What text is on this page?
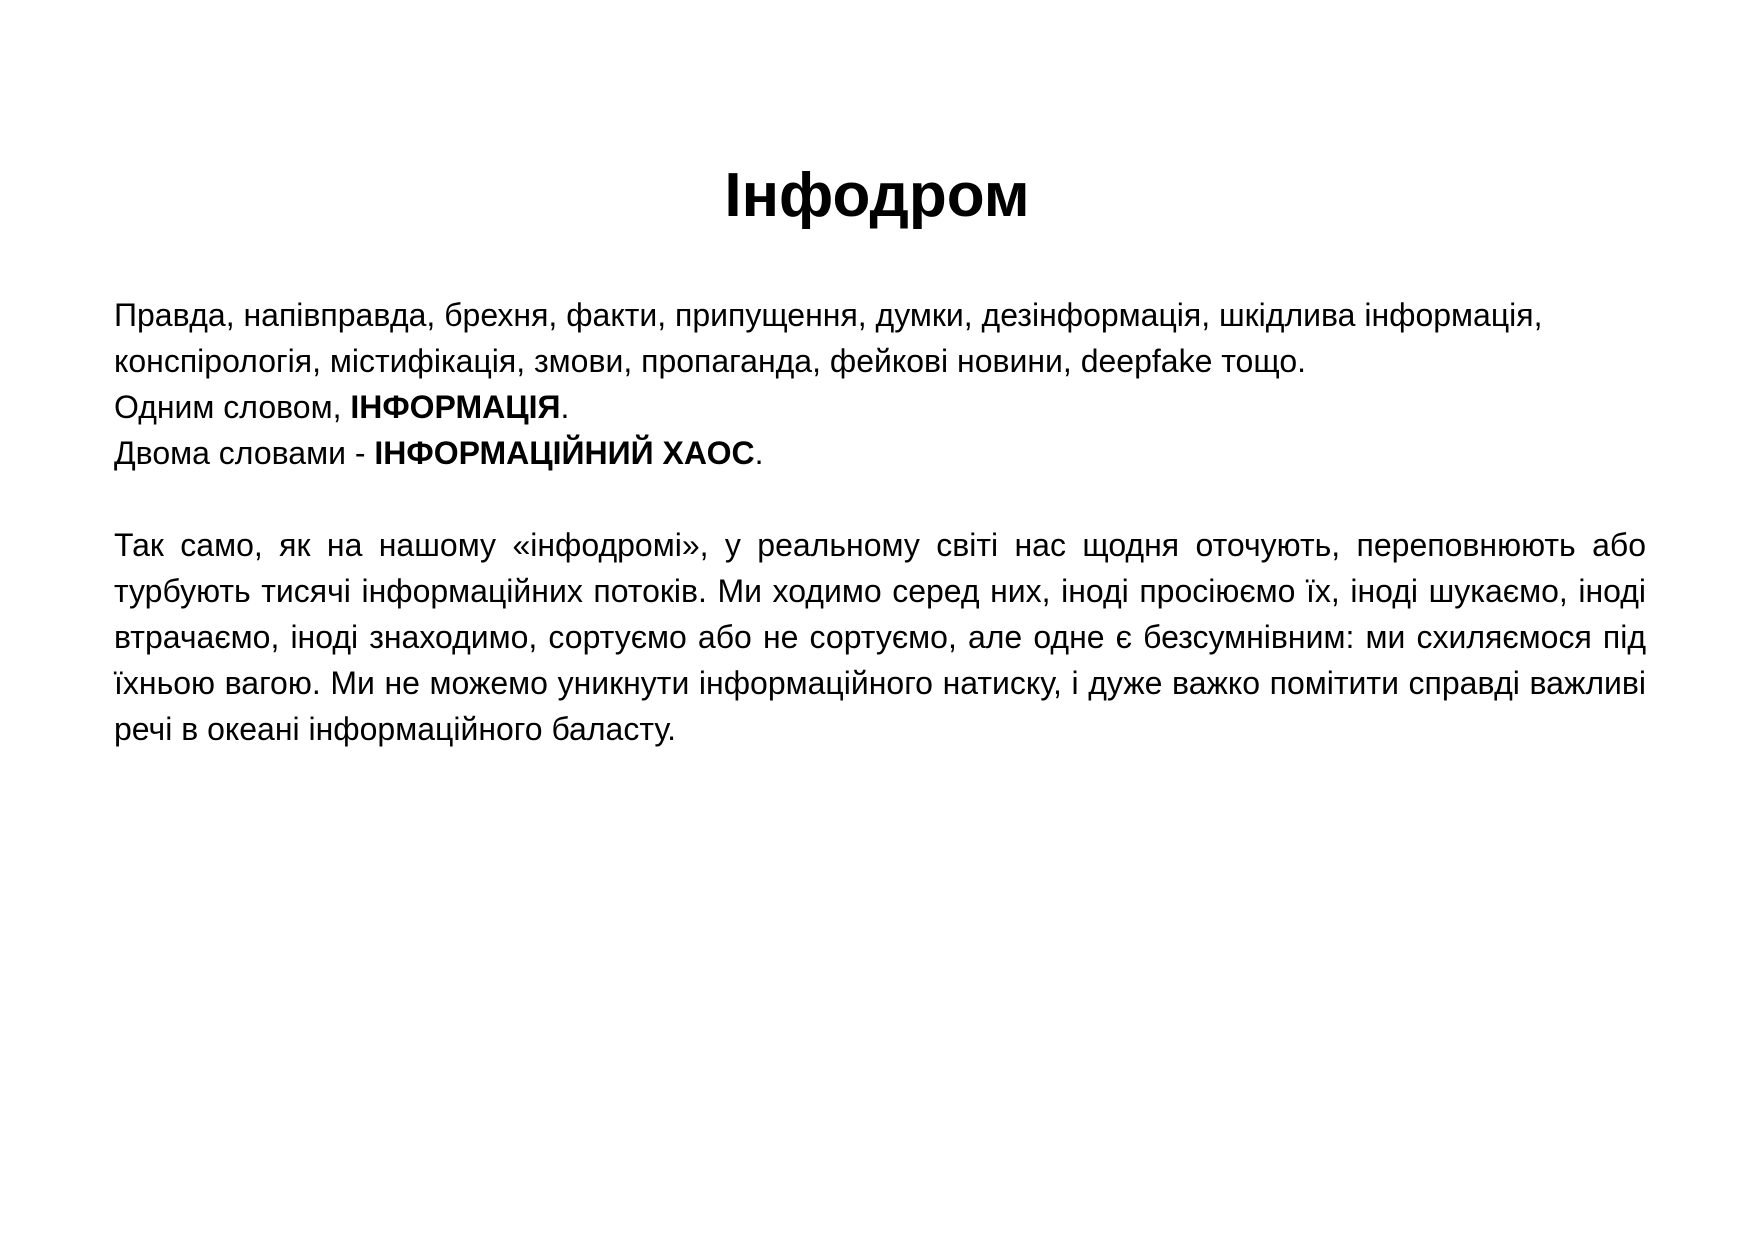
Інфодром

Правда, напівправда, брехня, факти, припущення, думки, дезінформація, шкідлива інформація,
конспірологія, містифікація, змови, пропаганда, фейкові новини, deepfake тощо.
Одним словом, ІНФОРМАЦІЯ.
Двома словами - ІНФОРМАЦІЙНИЙ ХАОС.

Так само, як на нашому «інфодромі», у реальному світі нас щодня оточують, переповнюють або турбують тисячі інформаційних потоків. Ми ходимо серед них, іноді просіюємо їх, іноді шукаємо, іноді втрачаємо, іноді знаходимо, сортуємо або не сортуємо, але одне є безсумнівним: ми схиляємося під їхньою вагою. Ми не можемо уникнути інформаційного натиску, і дуже важко помітити справді важливі речі в океані інформаційного баласту.
